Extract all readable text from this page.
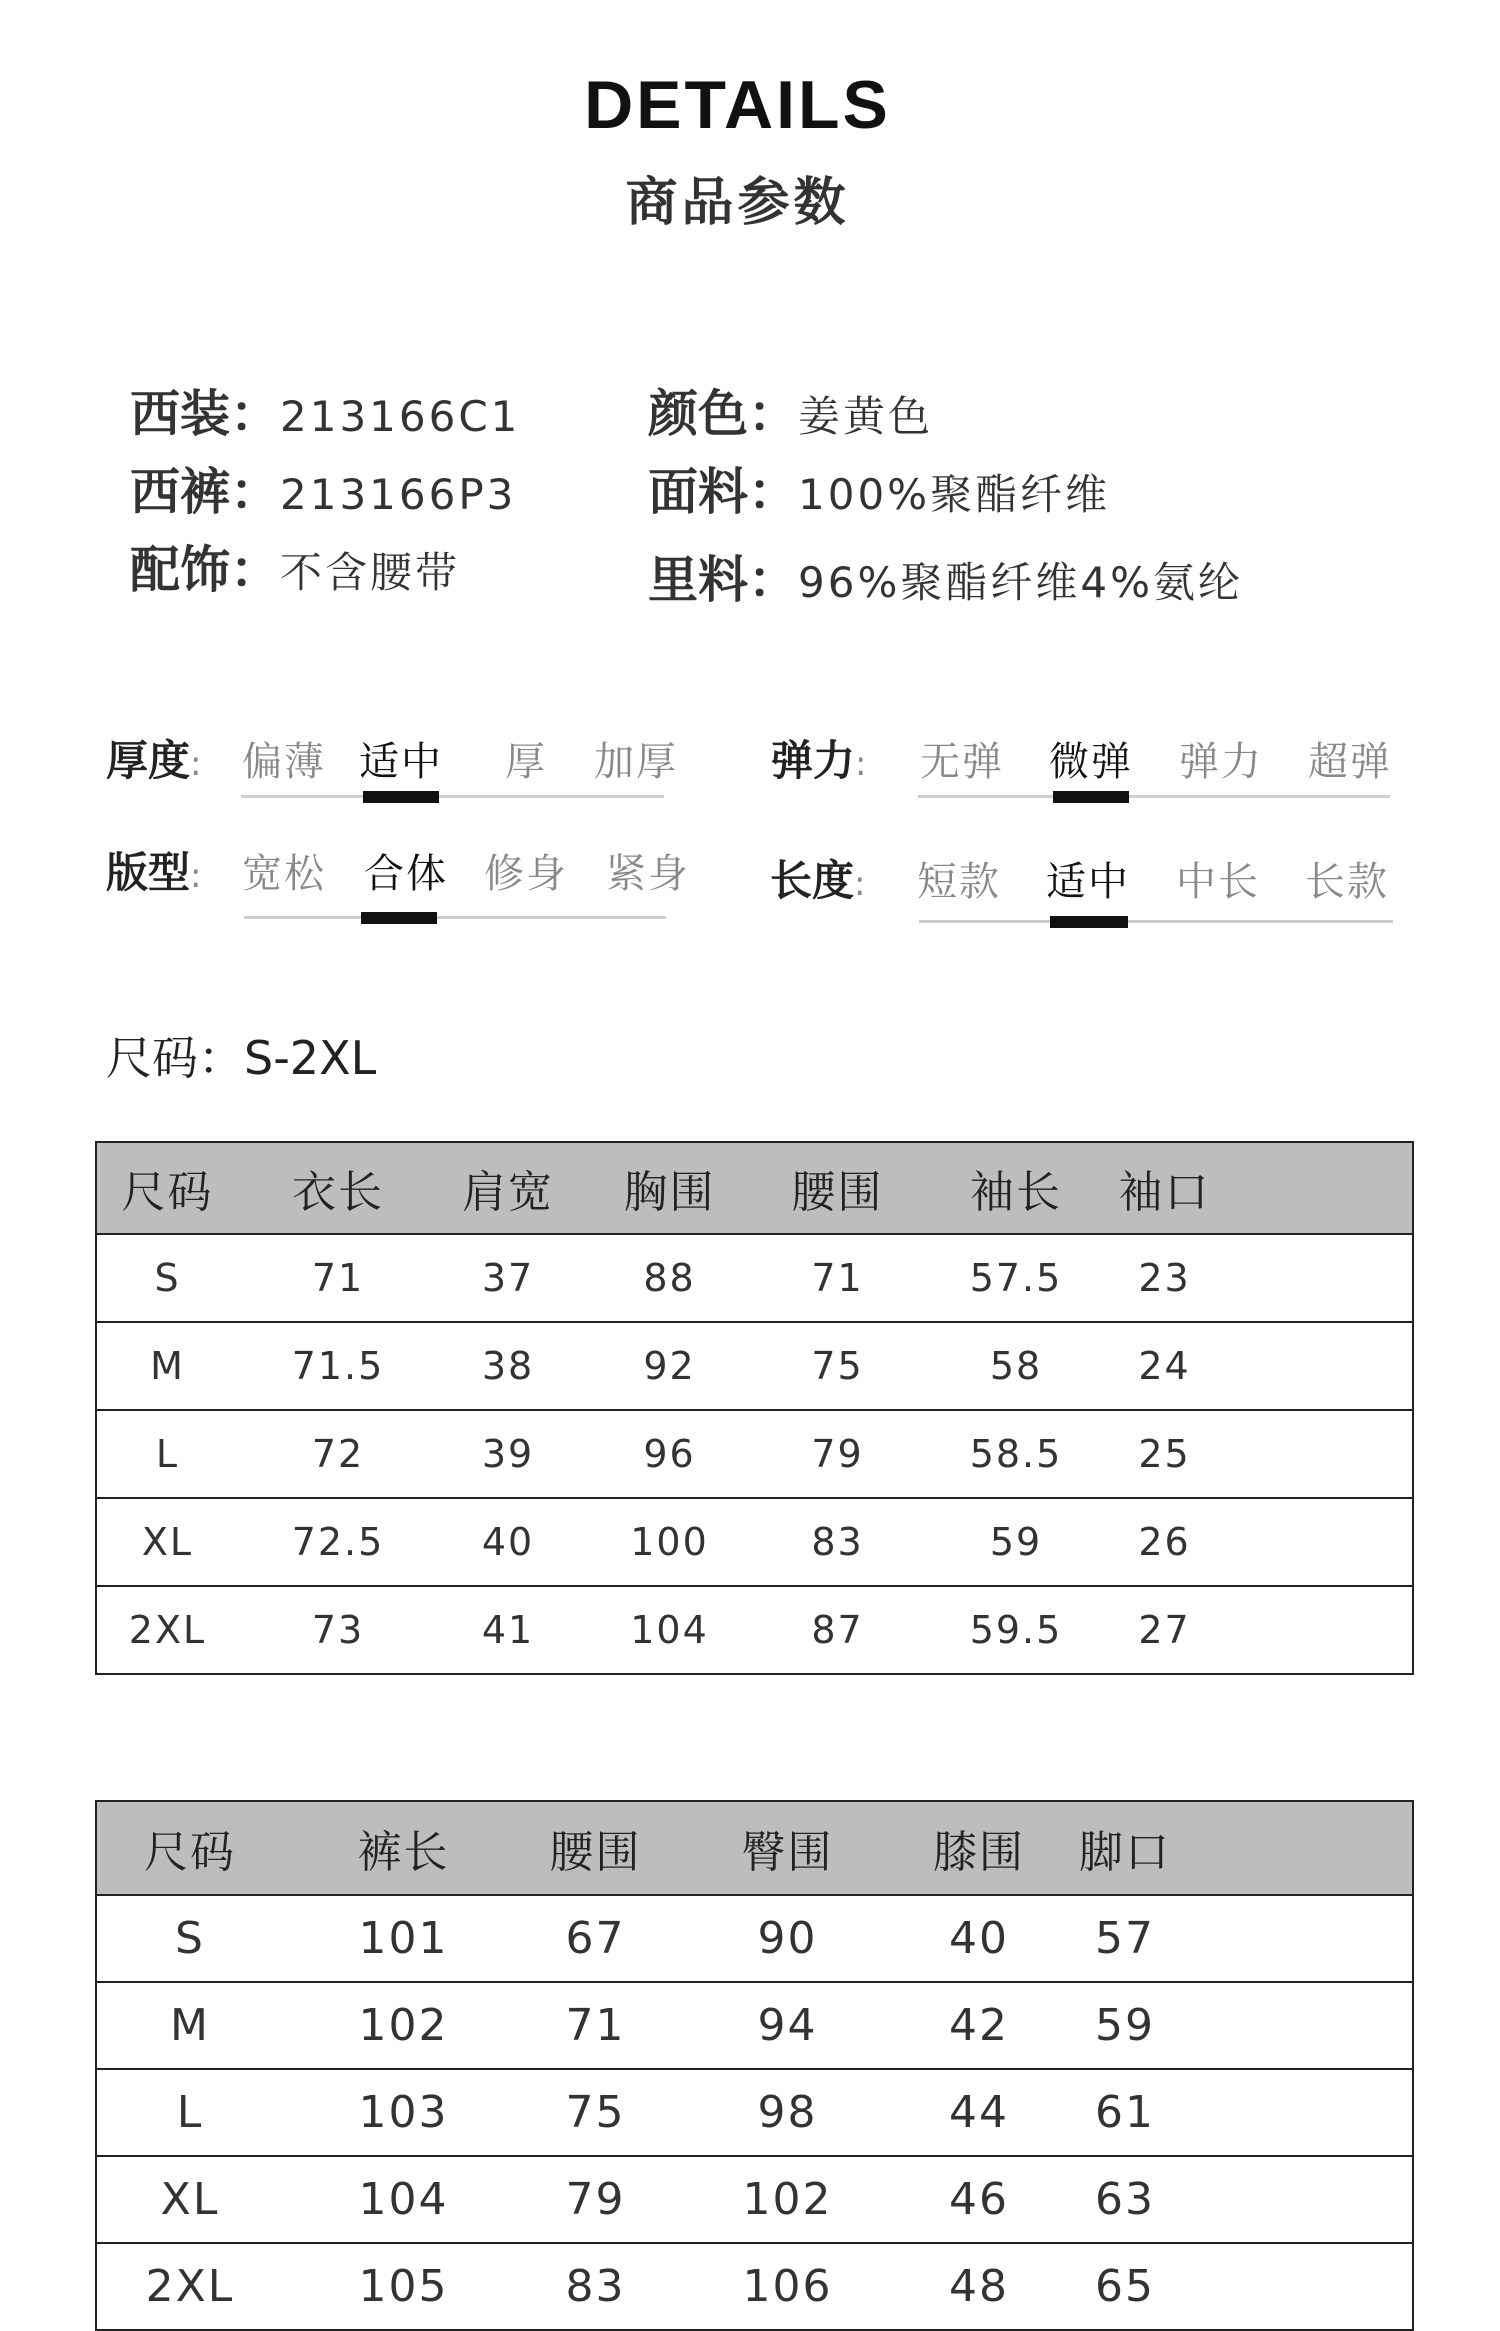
DETAILS
商品参数
西装：213166C1
西裤：213166P3
配饰：不含腰带
颜色：姜黄色
面料：100%聚酯纤维
里料：96%聚酯纤维4%氨纶
厚度:	偏薄 适中	厚	加厚	弹力:	无弹	微弹	弹力	超弹
版型:	宽松 合体 修身 紧身	长度:	短款	适中	中长	长款
尺码：S-2XL
尺码	衣长	肩宽	胸围	腰围	袖长	袖口	
S	71	37	88	71	57.5	23	
M	71.5	38	92	75	58	24	
L	72	39	96	79	58.5	25	
XL	72.5	40	100	83	59	26	
2XL	73	41	104	87	59.5	27	
尺码	裤长	腰围	臀围	膝围	脚口	
S	101	67	90	40	57	
M	102	71	94	42	59	
L	103	75	98	44	61	
XL	104	79	102	46	63	
2XL	105	83	106	48	65	
